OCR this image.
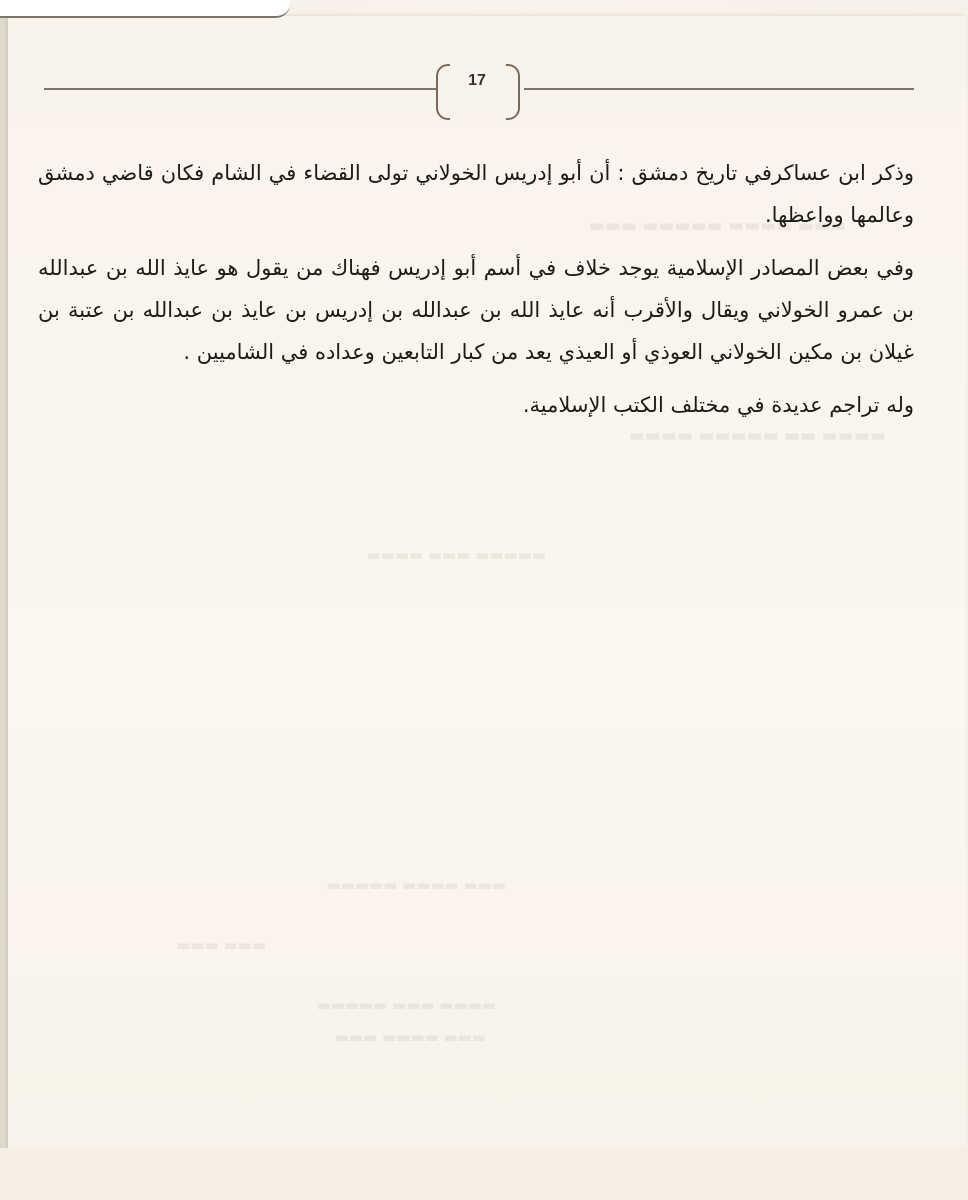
▬▬▬ ▬▬▬▬ ▬▬▬▬▬ ▬▬▬
▬▬▬▬ ▬▬ ▬▬▬▬▬ ▬▬▬▬
▬▬▬▬▬ ▬▬▬ ▬▬▬▬
▬▬▬ ▬▬▬▬ ▬▬▬▬▬
▬▬▬ ▬▬▬
▬▬▬▬ ▬▬▬ ▬▬▬▬▬
▬▬▬ ▬▬▬▬ ▬▬▬
17

وذكر ابن عساكرفي تاريخ دمشق : أن أبو إدريس الخولاني تولى القضاء في الشام فكان قاضي دمشق وعالمها وواعظها.

وفي بعض المصادر الإسلامية يوجد خلاف في أسم أبو إدريس فهناك من يقول هو عايذ الله بن عبدالله بن عمرو الخولاني ويقال والأقرب أنه عايذ الله بن عبدالله بن إدريس بن عايذ بن عبدالله بن عتبة بن غيلان بن مكين الخولاني العوذي أو العيذي يعد من كبار التابعين وعداده في الشاميين .

وله تراجم عديدة في مختلف الكتب الإسلامية.
